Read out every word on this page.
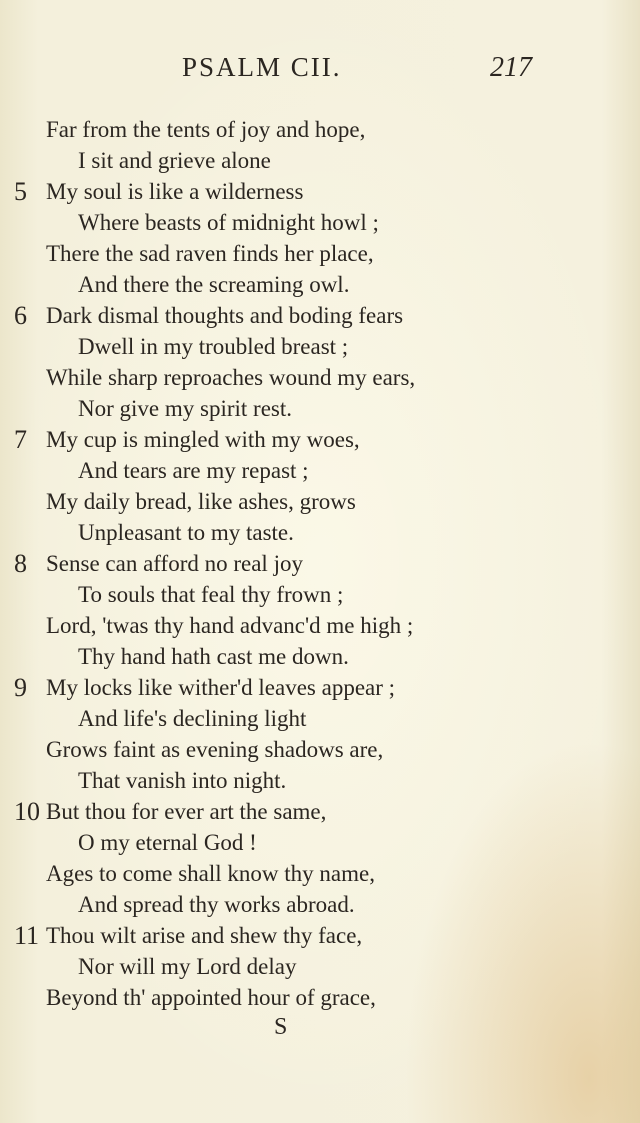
PSALM CII.	217
Far from the tents of joy and hope,
I sit and grieve alone
5 My soul is like a wilderness
Where beasts of midnight howl ;
There the sad raven finds her place,
And there the screaming owl.
6 Dark dismal thoughts and boding fears
Dwell in my troubled breast ;
While sharp reproaches wound my ears,
Nor give my spirit rest.
7 My cup is mingled with my woes,
And tears are my repast ;
My daily bread, like ashes, grows
Unpleasant to my taste.
8 Sense can afford no real joy
To souls that feal thy frown ;
Lord, 'twas thy hand advanc'd me high ;
Thy hand hath cast me down.
9 My locks like wither'd leaves appear ;
And life's declining light
Grows faint as evening shadows are,
That vanish into night.
10 But thou for ever art the same,
O my eternal God !
Ages to come shall know thy name,
And spread thy works abroad.
11 Thou wilt arise and shew thy face,
Nor will my Lord delay
Beyond th' appointed hour of grace,
S
